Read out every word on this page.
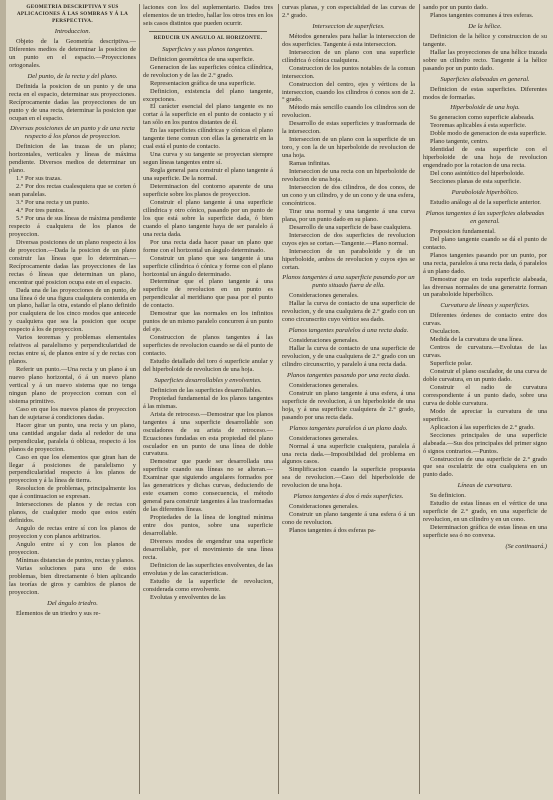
GEOMETRÍA DESCRIPTIVA Y SUS APLICACIONES Á LAS SOMBRAS Y Á LA PERSPECTIVA.
Introduccion.

Objeto de la Geometría descriptiva.—Diferentes medios de determinar la posicion de un punto en el espacio.—Proyecciones ortogonales.

Del punto, de la recta y del plano.

Definida la posicion de un punto y de una recta en el espacio, determinar sus proyecciones. Recíprocamente dadas las proyecciones de un punto y de una recta, determinar la posicion que ocupan en el espacio.

Diversas posiciones de un punto y de una recta respecto á los planos de proyeccion.

Definicion de las trazas de un plano; horizontales, verticales y líneas de máxima pendiente. Diversos medios de determinar un plano.

1.° Por sus trazas.

2.° Por dos rectas cualesquiera que se corten ó sean paralelas.

3.° Por una recta y un punto.

4.° Por tres puntos.

5.° Por una de sus líneas de máxima pendiente respecto á cualquiera de los planos de proyeccion.

Diversas posiciones de un plano respecto á los de proyeccion.—Dada la posicion de un plano construir las líneas que lo determinan.—Recíprocamente dadas las proyecciones de las rectas ó líneas que determinan un plano, encontrar qué posicion ocupa este en el espacio.

Dada una de las proyecciones de un punto, de una línea ó de una figura cualquiera contenida en un plano, hallar la otra, estando el plano definido por cualquiera de los cinco modos que antecede y cualquiera que sea la posicion que ocupe respecto á los de proyeccion.

Varios teoremas y problemas elementales relativos al paralelismo y perpendicularidad de rectas entre sí, de planos entre sí y de rectas con planos.

Referir un punto.—Una recta y un plano á un nuevo plano horizontal, ó á un nuevo plano vertical y á un nuevo sistema que no tenga ningun plano de proyeccion comun con el sistema primitivo.

Caso en que los nuevos planos de proyeccion han de sujetarse á condiciones dadas.

Hacer girar un punto, una recta y un plano, una cantidad angular dada al rededor de una perpendicular, paralela ú oblicua, respecto á los planos de proyeccion.

Caso en que los elementos que giran han de llegar á posiciones de paralelismo y perpendicularidad respecto á los planos de proyeccion y á la línea de tierra.

Resolucion de problemas, principalmente los que á continuacion se expresan.

Intersecciones de planos y de rectas con planos, de cualquier modo que estos estén definidos.

Angulo de rectas entre sí con los planos de proyeccion y con planos arbitrarios.

Angulo entre sí y con los planos de proyeccion.

Mínimas distancias de puntos, rectas y planos.

Varias soluciones para uno de estos problemas, bien directamente ó bien aplicando las teorías de giros y cambios de planos de proyeccion.

Del ángulo triedro.

Elementos de un triedro y sus re-

laciones con los del suplementario. Dados tres elementos de un triedro, hallar los otros tres en los seis casos distintos que pueden ocurrir.

REDUCIR UN ANGULO AL HORIZONTE.
Superficies y sus planos tangentes.

Definicion geométrica de una superficie.

Generacion de las superficies cónica cilíndrica, de revolucion y de las de 2.° grado.

Representacion gráfica de una superficie.

Definicion, existencia del plano tangente, excepciones.

El carácter esencial del plano tangente es no cortar á la superficie en el punto de contacto y sí tan sólo en los puntos distantes de él.

En las superficies cilíndricas y cónicas el plano tangente tiene comun con ellas la generatriz en la cual está el punto de contacto.

Una curva y su tangente se proyectan siempre segun líneas tangentes entre sí.

Regla general para construir el plano tangente á una superficie. De la normal.

Determinacion del contorno aparente de una superficie sobre los planos de proyeccion.

Construir el plano tangente á una superficie cilíndrica y otro cónico, pasando por un punto de los que está sobre la superficie dada, ó bien cuando el plano tangente haya de ser paralelo á una recta dada.

Por una recta dada hacer pasar un plano que forme con el horizontal un ángulo determinado.

Construir un plano que sea tangente á una superficie cilíndrica ó cónica y forme con el plano horizontal un ángulo determinado.

Determinar que el plano tangente á una superficie de revolucion en un punto es perpendicular al meridiano que pasa por el punto de contacto.

Demostrar que las normales en los infinitos puntos de un mismo paralelo concurren á un punto del eje.

Construccion de planos tangentes á las superficies de revolucion cuando se dá el punto de contacto.

Estudio detallado del toro ó superficie anular y del hiperboloide de revolucion de una hoja.

Superficies desarrollables y envolventes.

Definicion de las superficies desarrollables.

Propiedad fundamental de los planos tangentes á las mismas.

Arista de retroceso.—Demostrar que los planos tangentes á una superficie desarrollable son osculadores de su arista de retroceso.—Ecuaciones fundadas en esta propiedad del plano osculador en un punto de una línea de doble curvatura.

Demostrar que puede ser desarrollada una superficie cuando sus líneas no se alteran.—Examinar que siguiendo angulares formados por las generatrices y dichas curvas, deduciendo de este examen como consecuencia, el método general para construir tangentes á las trasformadas de las diferentes líneas.

Propiedades de la línea de longitud mínima entre dos puntos, sobre una superficie desarrollable.

Diversos modos de engendrar una superficie desarrollable, por el movimiento de una línea recta.

Definicion de las superficies envolventes, de las envolutas y de las características.

Estudio de la superficie de revolucion, considerada como envolvente.

Evolutas y envolventes de las

curvas planas, y con especialidad de las curvas de 2.° grado.

Interseccion de superficies.

Métodos generales para hallar la interseccion de dos superficies. Tangente á esta interseccion.

Interseccion de un plano con una superficie cilíndrica ó cónica cualquiera.

Construccion de los puntos notables de la comun interseccion.

Construccion del centro, ejes y vértices de la interseccion, cuando los cilindros ó conos son de 2.° grado.

Método más sencillo cuando los cilindros son de revolucion.

Desarrollo de estas superficies y trasformada de la interseccion.

Interseccion de un plano con la superficie de un toro, y con la de un hiperboloide de revolucion de una hoja.

Ramas infinitas.

Interseccion de una recta con un hiperboloide de revolucion de una hoja.

Interseccion de dos cilindros, de dos conos, de un cono y un cilindro, y de un cono y de una esfera, concéntricos.

Tirar una normal y una tangente á una curva plana, por un punto dado en su plano.

Desarrollo de una superficie de base cualquiera.

Interseccion de dos superficies de revolucion cuyos ejes se cortan.—Tangente.—Plano normal.

Interseccion de un paraboloide y de un hiperboloide, ambos de revolucion y cuyos ejes se cortan.

Planos tangentes á una superficie pasando por un punto situado fuera de ella.

Consideraciones generales.

Hallar la curva de contacto de una superficie de revolucion, y de una cualquiera de 2.° grado con un cono circunscrito cuyo vértice sea dado.

Planos tangentes paralelos á una recta dada.

Consideraciones generales.

Hallar la curva de contacto de una superficie de revolucion, y de una cualquiera de 2.° grado con un cilindro circunscrito, y paralelo á una recta dada.

Planos tangentes pasando por una recta dada.

Consideraciones generales.

Construir un plano tangente á una esfera, á una superficie de revolucion, á un hiperboloide de una hoja, y á una superficie cualquiera de 2.° grado, pasando por una recta dada.

Planos tangentes paralelos á un plano dado.

Consideraciones generales.

Normal á una superficie cualquiera, paralela á una recta dada.—Imposibilidad del problema en algunos casos.

Simplificacion cuando la superficie propuesta sea de revolucion.—Caso del hiperboloide de revolucion de una hoja.

Planos tangentes á dos ó más superficies.

Consideraciones generales.

Construir un plano tangente á una esfera ó á un cono de revolucion.

Planos tangentes á dos esferas pa-

sando por un punto dado.

Planos tangentes comunes á tres esferas.

De la hélice.

Definicion de la hélice y construccion de su tangente.

Hallar las proyecciones de una hélice trazada sobre un cilindro recto. Tangente á la hélice pasando por un punto dado.

Superficies alabeadas en general.

Definicion de estas superficies. Diferentes modos de formarlas.

Hiperboloide de una hoja.

Su generacion como superficie alabeada.

Teoremas aplicables á esta superficie.

Doble modo de generacion de esta superficie.

Plano tangente, centro.

Identidad de esta superficie con el hiperboloide de una hoja de revolucion engendrado por la rotacion de una recta.

Del cono asintótico del hiperboloide.

Secciones planas de esta superficie.

Paraboloide hiperbólico.

Estudio análogo al de la superficie anterior.

Planos tangentes á las superficies alabeadas en general.

Proposicion fundamental.

Del plano tangente cuando se dá el punto de contacto.

Planos tangentes pasando por un punto, por una recta, paralelos á una recta dada, ó paralelos á un plano dado.

Demostrar que en toda superficie alabeada, las diversas normales de una generatriz forman un paraboloide hiperbólico.

Curvatura de líneas y superficies.

Diferentes órdenes de contacto entre dos curvas.

Osculacion.

Medida de la curvatura de una línea.

Centros de curvatura.—Evolutas de las curvas.

Superficie polar.

Construir el plano osculador, de una curva de doble curvatura, en un punto dado.

Construir el radio de curvatura correspondiente á un punto dado, sobre una curva de doble curvatura.

Modo de apreciar la curvatura de una superficie.

Aplicacion á las superficies de 2.° grado.

Secciones principales de una superficie alabeada.—Sus dos principales del primer signo ó signos contrarios.—Puntos.

Construccion de una superficie de 2.° grado que sea osculatriz de otra cualquiera en un punto dado.

Líneas de curvatura.

Su definicion.

Estudio de estas líneas en el vértice de una superficie de 2.° grado, en una superficie de revolucion, en un cilindro y en un cono.

Determinacion gráfica de estas líneas en una superficie sea ó no convexa.

(Se continuará.)
